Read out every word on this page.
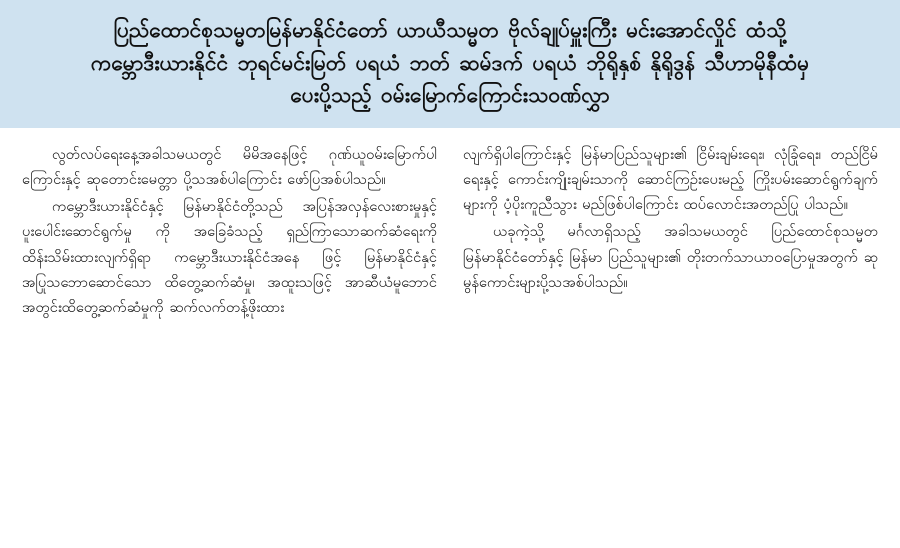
ပြည်ထောင်စုသမ္မတမြန်မာနိုင်ငံတော် ယာယီသမ္မတ ဗိုလ်ချုပ်မှူးကြီး မင်းအောင်လှိုင် ထံသို့
ကမ္ဘောဒီးယားနိုင်ငံ ဘုရင်မင်းမြတ် ပရယံ ဘတ် ဆမ်ဒက် ပရယံ ဘိုရိုနှစ် နိုရိုဒွန် သီဟာမိုနီထံမှ
ပေးပို့သည့် ဝမ်းမြောက်ကြောင်းသဝဏ်လွှာ

လွတ်လပ်ရေးနေ့အခါသမယတွင် မိမိအနေဖြင့် ဂုဏ်ယူဝမ်းမြောက်ပါကြောင်းနှင့် ဆုတောင်းမေတ္တာ ပို့သအစ်ပါကြောင်း ဖော်ပြအစ်ပါသည်။

ကမ္ဘောဒီးယားနိုင်ငံနှင့် မြန်မာနိုင်ငံတို့သည် အပြန်အလှန်လေးစားမှုနှင့်ပူးပေါင်းဆောင်ရွက်မှု ကို အခြေခံသည့် ရှည်ကြာသောဆက်ဆံရေးကို ထိန်းသိမ်းထားလျက်ရှိရာ ကမ္ဘောဒီးယားနိုင်ငံအနေ ဖြင့် မြန်မာနိုင်ငံနှင့် အပြုသဘောဆောင်သော ထိတွေ့ဆက်ဆံမှု၊ အထူးသဖြင့် အာဆီယံမူဘောင် အတွင်းထိတွေ့ဆက်ဆံမှုကို ဆက်လက်တန့်ဖိုးထား

လျက်ရှိပါကြောင်းနှင့် မြန်မာပြည်သူများ၏ ငြိမ်းချမ်းရေး၊ လုံခြုံရေး၊ တည်ငြိမ်ရေးနှင့် ကောင်းကျိုးချမ်းသာကို ဆောင်ကြဉ်းပေးမည့် ကြိုးပမ်းဆောင်ရွက်ချက်များကို ပံ့ပိုးကူညီသွား မည်ဖြစ်ပါကြောင်း ထပ်လောင်းအတည်ပြု ပါသည်။

ယခုကဲ့သို့ မင်္ဂလာရှိသည့် အခါသမယတွင် ပြည်ထောင်စုသမ္မတမြန်မာနိုင်ငံတော်နှင့် မြန်မာ ပြည်သူများ၏ တိုးတက်သာယာဝပြောမှုအတွက် ဆုမွန်ကောင်းများပို့သအစ်ပါသည်။
